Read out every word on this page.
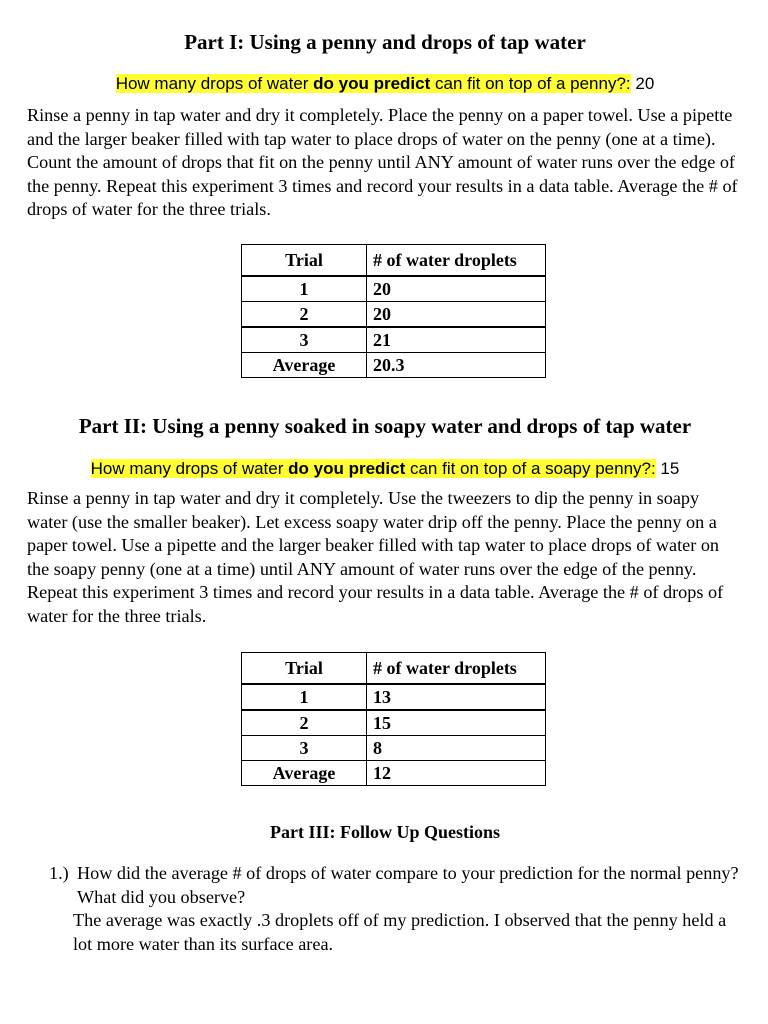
Part I: Using a penny and drops of tap water

How many drops of water do you predict can fit on top of a penny?: 20

Rinse a penny in tap water and dry it completely. Place the penny on a paper towel. Use a pipette and the larger beaker filled with tap water to place drops of water on the penny (one at a time). Count the amount of drops that fit on the penny until ANY amount of water runs over the edge of the penny. Repeat this experiment 3 times and record your results in a data table. Average the # of drops of water for the three trials.

Trial	# of water droplets
1	20
2	20
3	21
Average	20.3
Part II: Using a penny soaked in soapy water and drops of tap water

How many drops of water do you predict can fit on top of a soapy penny?: 15

Rinse a penny in tap water and dry it completely. Use the tweezers to dip the penny in soapy water (use the smaller beaker). Let excess soapy water drip off the penny. Place the penny on a paper towel. Use a pipette and the larger beaker filled with tap water to place drops of water on the soapy penny (one at a time) until ANY amount of water runs over the edge of the penny. Repeat this experiment 3 times and record your results in a data table. Average the # of drops of water for the three trials.

Trial	# of water droplets
1	13
2	15
3	8
Average	12
Part III: Follow Up Questions
1.) How did the average # of drops of water compare to your prediction for the normal penny? What did you observe?
The average was exactly .3 droplets off of my prediction. I observed that the penny held a lot more water than its surface area.
